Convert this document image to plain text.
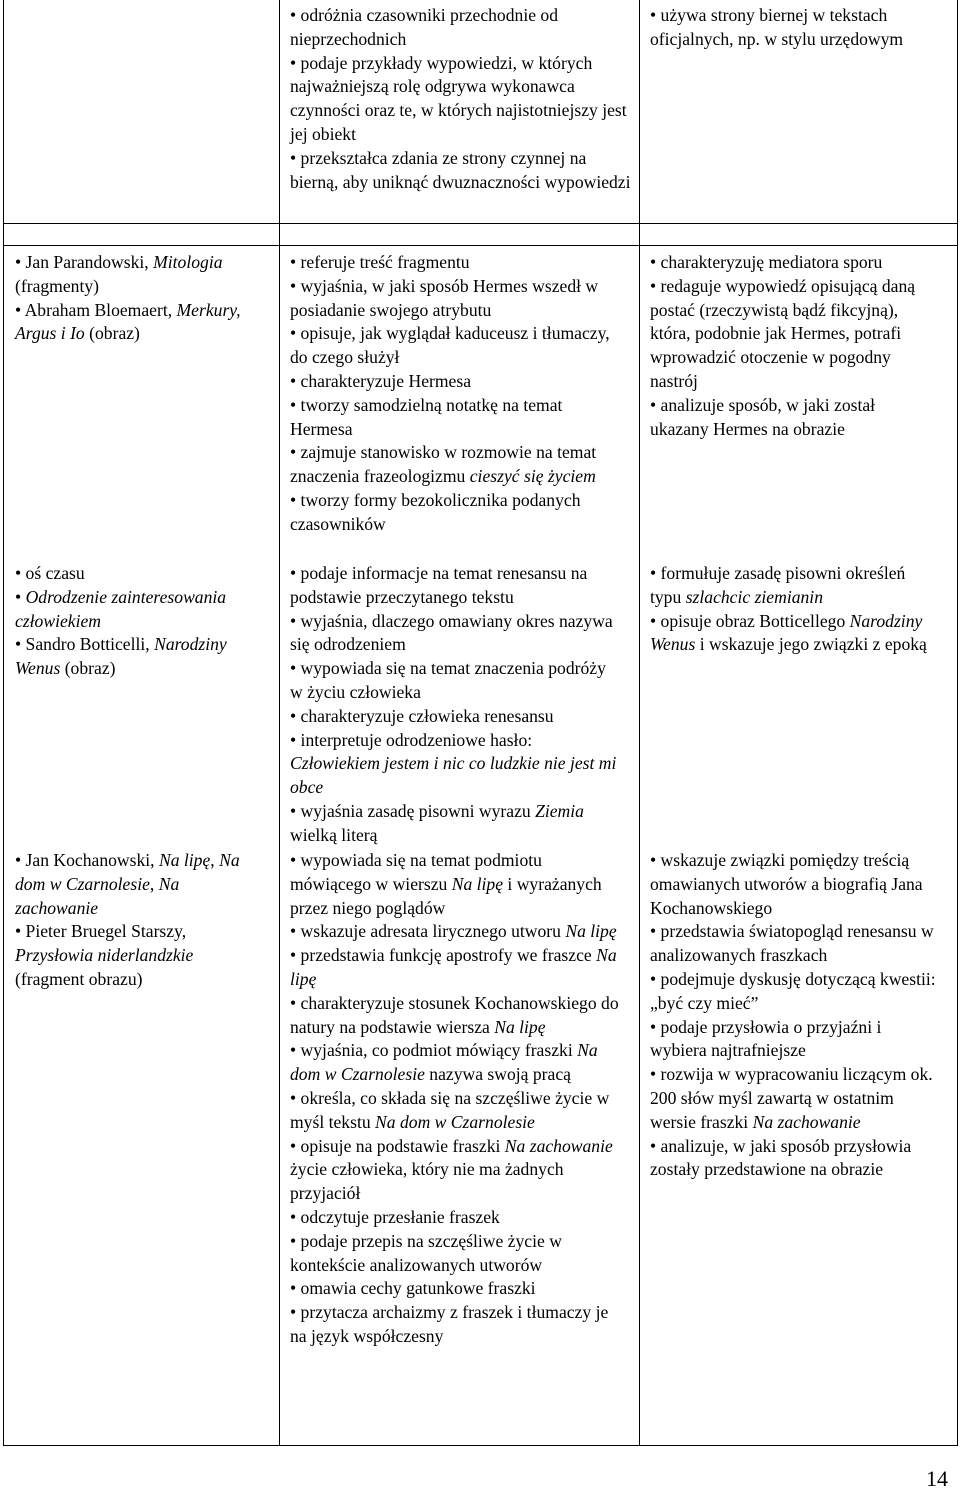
• odróżnia czasowniki przechodnie od nieprzechodnich

• podaje przykłady wypowiedzi, w których najważniejszą rolę odgrywa wykonawca czynności oraz te, w których najistotniejszy jest jej obiekt

• przekształca zdania ze strony czynnej na bierną, aby uniknąć dwuznaczności wypowiedzi

• używa strony biernej w tekstach oficjalnych, np. w stylu urzędowym

• Jan Parandowski, Mitologia (fragmenty)

• Abraham Bloemaert, Merkury, Argus i Io (obraz)

• referuje treść fragmentu

• wyjaśnia, w jaki sposób Hermes wszedł w posiadanie swojego atrybutu

• opisuje, jak wyglądał kaduceusz i tłumaczy, do czego służył

• charakteryzuje Hermesa

• tworzy samodzielną notatkę na temat Hermesa

• zajmuje stanowisko w rozmowie na temat znaczenia frazeologizmu cieszyć się życiem

• tworzy formy bezokolicznika podanych czasowników

• charakteryzuję mediatora sporu

• redaguje wypowiedź opisującą daną postać (rzeczywistą bądź fikcyjną), która, podobnie jak Hermes, potrafi wprowadzić otoczenie w pogodny nastrój

• analizuje sposób, w jaki został ukazany Hermes na obrazie

• oś czasu

• Odrodzenie zainteresowania człowiekiem

• Sandro Botticelli, Narodziny Wenus (obraz)

• podaje informacje na temat renesansu na podstawie przeczytanego tekstu

• wyjaśnia, dlaczego omawiany okres nazywa się odrodzeniem

• wypowiada się na temat znaczenia podróży w życiu człowieka

• charakteryzuje człowieka renesansu

• interpretuje odrodzeniowe hasło: Człowiekiem jestem i nic co ludzkie nie jest mi obce

• wyjaśnia zasadę pisowni wyrazu Ziemia wielką literą

• formułuje zasadę pisowni określeń typu szlachcic ziemianin

• opisuje obraz Botticellego Narodziny Wenus i wskazuje jego związki z epoką

• Jan Kochanowski, Na lipę, Na dom w Czarnolesie, Na zachowanie

• Pieter Bruegel Starszy, Przysłowia niderlandzkie (fragment obrazu)

• wypowiada się na temat podmiotu mówiącego w wierszu Na lipę i wyrażanych przez niego poglądów

• wskazuje adresata lirycznego utworu Na lipę

• przedstawia funkcję apostrofy we fraszce Na lipę

• charakteryzuje stosunek Kochanowskiego do natury na podstawie wiersza Na lipę

• wyjaśnia, co podmiot mówiący fraszki Na dom w Czarnolesie nazywa swoją pracą

• określa, co składa się na szczęśliwe życie w myśl tekstu Na dom w Czarnolesie

• opisuje na podstawie fraszki Na zachowanie życie człowieka, który nie ma żadnych przyjaciół

• odczytuje przesłanie fraszek

• podaje przepis na szczęśliwe życie w kontekście analizowanych utworów

• omawia cechy gatunkowe fraszki

• przytacza archaizmy z fraszek i tłumaczy je na język współczesny

• wskazuje związki pomiędzy treścią omawianych utworów a biografią Jana Kochanowskiego

• przedstawia światopogląd renesansu w analizowanych fraszkach

• podejmuje dyskusję dotyczącą kwestii: „być czy mieć”

• podaje przysłowia o przyjaźni i wybiera najtrafniejsze

• rozwija w wypracowaniu liczącym ok. 200 słów myśl zawartą w ostatnim wersie fraszki Na zachowanie

• analizuje, w jaki sposób przysłowia zostały przedstawione na obrazie

14
